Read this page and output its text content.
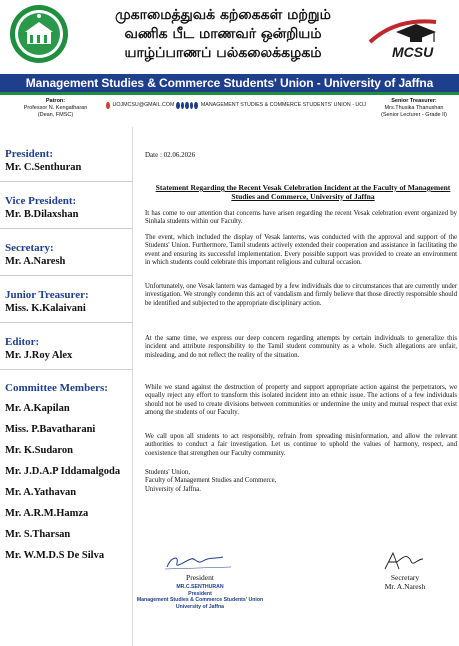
முகாமைத்துவக் கற்கைகள் மற்றும்
வணிக பீட மாணவர் ஒன்றியம்
யாழ்ப்பாணப் பல்கலைக்கழகம்	MCSU
Management Studies & Commerce Students' Union - University of Jaffna
Patron:
Professor N. Kengatharan
(Dean, FMSC)
UOJMCSU@GMAIL.COM	MANAGEMENT STUDIES & COMMERCE STUDENTS' UNION - UOJ
Senior Treasurer:
Mrs.Thusika Thanushan
(Senior Lecturer - Grade II)
President:
Mr. C.Senthuran
Vice President:
Mr. B.Dilaxshan
Secretary:
Mr. A.Naresh
Junior Treasurer:
Miss. K.Kalaivani
Editor:
Mr. J.Roy Alex
Committee Members:
Mr. A.Kapilan
Miss. P.Bavatharani
Mr. K.Sudaron
Mr. J.D.A.P Iddamalgoda
Mr. A.Yathavan
Mr. A.R.M.Hamza
Mr. S.Tharsan
Mr. W.M.D.S De Silva
Date : 02.06.2026
Statement Regarding the Recent Vesak Celebration Incident at the Faculty of Management Studies and Commerce, University of Jaffna

It has come to our attention that concerns have arisen regarding the recent Vesak celebration event organized by Sinhala students within our Faculty.

The event, which included the display of Vesak lanterns, was conducted with the approval and support of the Students' Union. Furthermore, Tamil students actively extended their cooperation and assistance in facilitating the event and ensuring its successful implementation. Every possible support was provided to create an environment in which students could celebrate this important religious and cultural occasion.

Unfortunately, one Vesak lantern was damaged by a few individuals due to circumstances that are currently under investigation. We strongly condemn this act of vandalism and firmly believe that those directly responsible should be identified and subjected to the appropriate disciplinary action.

At the same time, we express our deep concern regarding attempts by certain individuals to generalize this incident and attribute responsibility to the Tamil student community as a whole. Such allegations are unfair, misleading, and do not reflect the reality of the situation.

While we stand against the destruction of property and support appropriate action against the perpetrators, we equally reject any effort to transform this isolated incident into an ethnic issue. The actions of a few individuals should not be used to create divisions between communities or undermine the unity and mutual respect that exist among the students of our Faculty.

We call upon all students to act responsibly, refrain from spreading misinformation, and allow the relevant authorities to conduct a fair investigation. Let us continue to uphold the values of harmony, respect, and coexistence that strengthen our Faculty community.

Students' Union,
Faculty of Management Studies and Commerce,
University of Jaffna.

President
MR.C.SENTHURAN
President
Management Studies & Commerce Students' Union
University of Jaffna
Secretary
Mr. A.Naresh
